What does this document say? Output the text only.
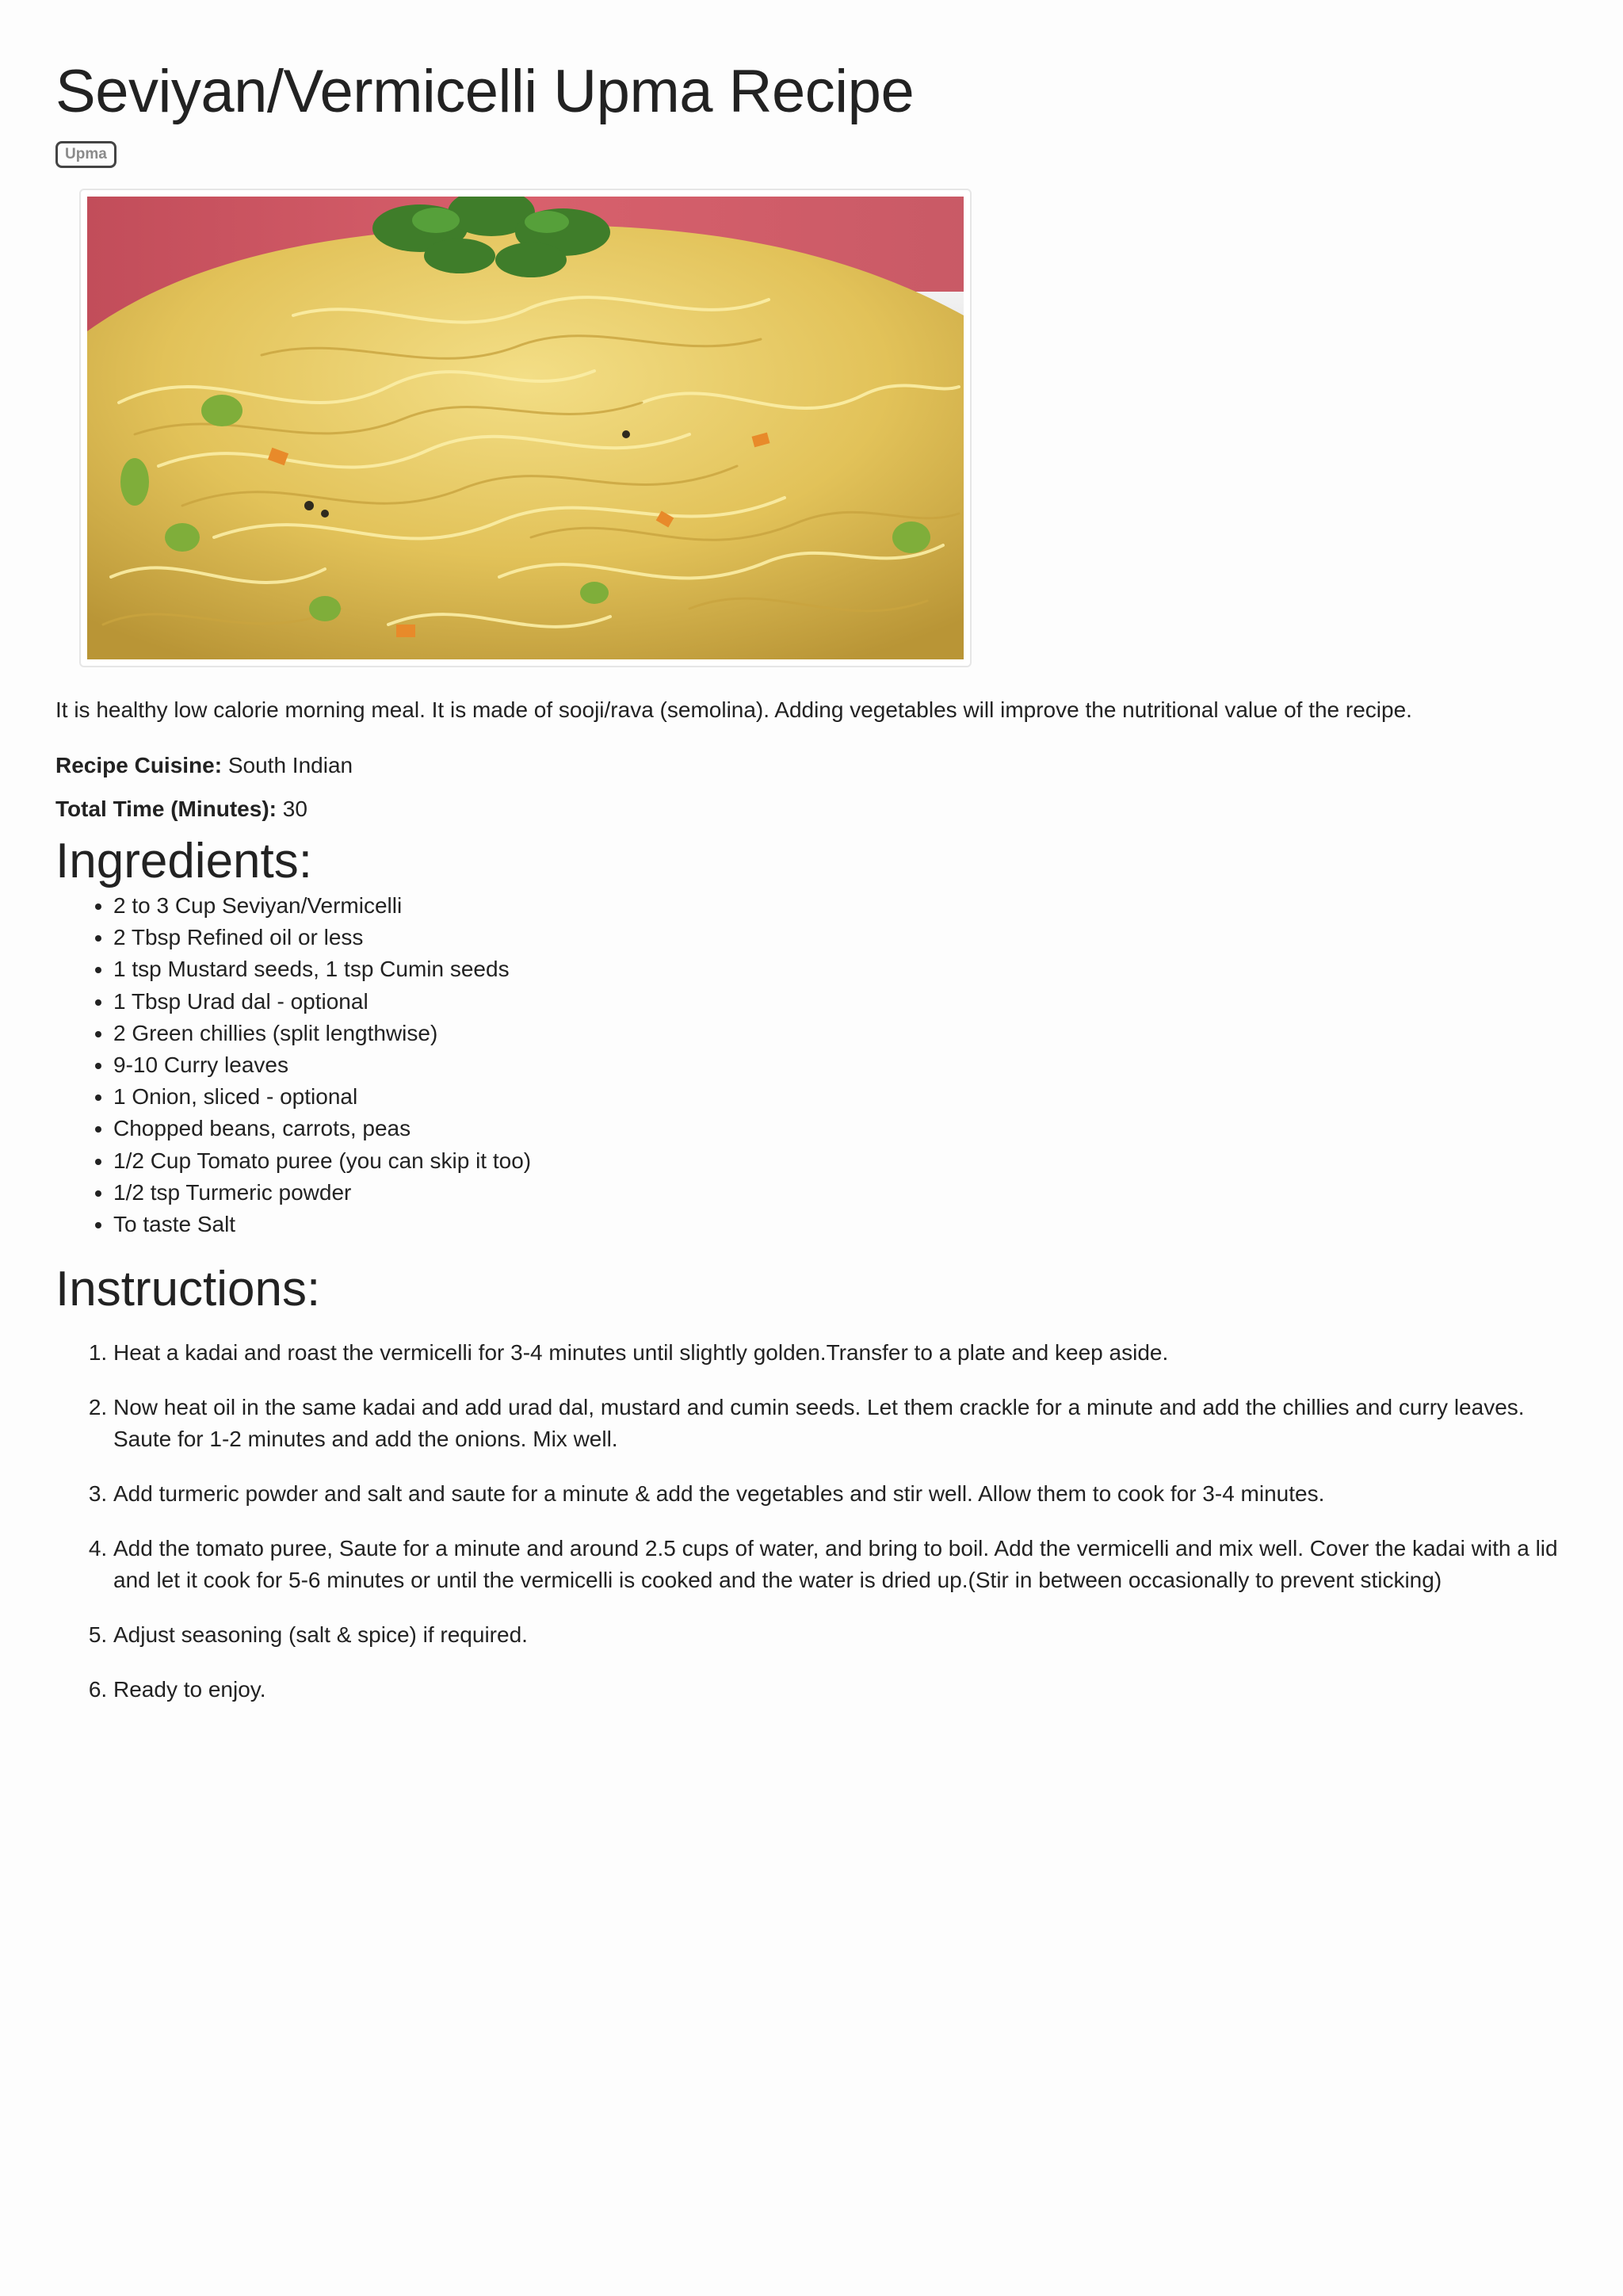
Seviyan/Vermicelli Upma Recipe
Upma

It is healthy low calorie morning meal. It is made of sooji/rava (semolina). Adding vegetables will improve the nutritional value of the recipe.

Recipe Cuisine: South Indian

Total Time (Minutes): 30

Ingredients:
• 2 to 3 Cup Seviyan/Vermicelli
• 2 Tbsp Refined oil or less
• 1 tsp Mustard seeds, 1 tsp Cumin seeds
• 1 Tbsp Urad dal - optional
• 2 Green chillies (split lengthwise)
• 9-10 Curry leaves
• 1 Onion, sliced - optional
• Chopped beans, carrots, peas
• 1/2 Cup Tomato puree (you can skip it too)
• 1/2 tsp Turmeric powder
• To taste Salt
Instructions:
1. Heat a kadai and roast the vermicelli for 3-4 minutes until slightly golden.Transfer to a plate and keep aside.
2. Now heat oil in the same kadai and add urad dal, mustard and cumin seeds. Let them crackle for a minute and add the chillies and curry leaves. Saute for 1-2 minutes and add the onions. Mix well.
3. Add turmeric powder and salt and saute for a minute & add the vegetables and stir well. Allow them to cook for 3-4 minutes.
4. Add the tomato puree, Saute for a minute and around 2.5 cups of water, and bring to boil. Add the vermicelli and mix well. Cover the kadai with a lid and let it cook for 5-6 minutes or until the vermicelli is cooked and the water is dried up.(Stir in between occasionally to prevent sticking)
5. Adjust seasoning (salt & spice) if required.
6. Ready to enjoy.
